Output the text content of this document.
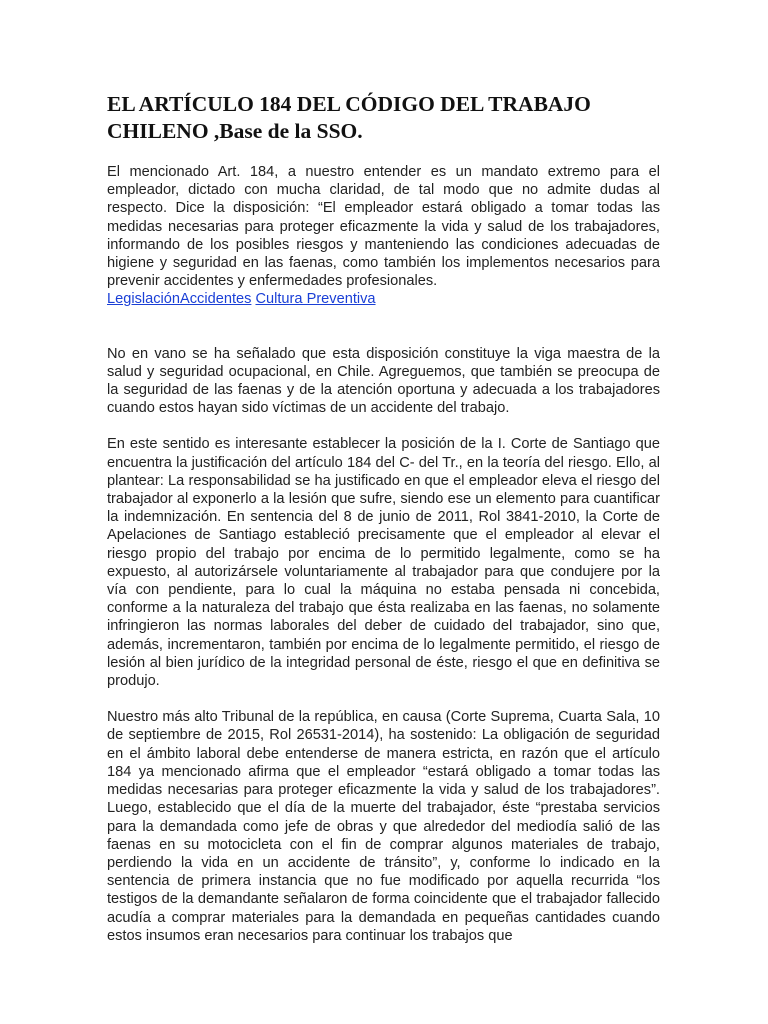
EL ARTÍCULO 184 DEL CÓDIGO DEL TRABAJO CHILENO ,Base de la SSO.

El mencionado Art. 184, a nuestro entender es un mandato extremo para el empleador, dictado con mucha claridad, de tal modo que no admite dudas al respecto. Dice la disposición: “El empleador estará obligado a tomar todas las medidas necesarias para proteger eficazmente la vida y salud de los trabajadores, informando de los posibles riesgos y manteniendo las condiciones adecuadas de higiene y seguridad en las faenas, como también los implementos necesarios para prevenir accidentes y enfermedades profesionales.

LegislaciónAccidentes Cultura Preventiva

No en vano se ha señalado que esta disposición constituye la viga maestra de la salud y seguridad ocupacional, en Chile. Agreguemos, que también se preocupa de la seguridad de las faenas y de la atención oportuna y adecuada a los trabajadores cuando estos hayan sido víctimas de un accidente del trabajo.

En este sentido es interesante establecer la posición de la I. Corte de Santiago que encuentra la justificación del artículo 184 del C- del Tr., en la teoría del riesgo. Ello, al plantear: La responsabilidad se ha justificado en que el empleador eleva el riesgo del trabajador al exponerlo a la lesión que sufre, siendo ese un elemento para cuantificar la indemnización. En sentencia del 8 de junio de 2011, Rol 3841-2010, la Corte de Apelaciones de Santiago estableció precisamente que el empleador al elevar el riesgo propio del trabajo por encima de lo permitido legalmente, como se ha expuesto, al autorizársele voluntariamente al trabajador para que condujere por la vía con pendiente, para lo cual la máquina no estaba pensada ni concebida, conforme a la naturaleza del trabajo que ésta realizaba en las faenas, no solamente infringieron las normas laborales del deber de cuidado del trabajador, sino que, además, incrementaron, también por encima de lo legalmente permitido, el riesgo de lesión al bien jurídico de la integridad personal de éste, riesgo el que en definitiva se produjo.

Nuestro más alto Tribunal de la república, en causa (Corte Suprema, Cuarta Sala, 10 de septiembre de 2015, Rol 26531-2014), ha sostenido: La obligación de seguridad en el ámbito laboral debe entenderse de manera estricta, en razón que el artículo 184 ya mencionado afirma que el empleador “estará obligado a tomar todas las medidas necesarias para proteger eficazmente la vida y salud de los trabajadores”. Luego, establecido que el día de la muerte del trabajador, éste “prestaba servicios para la demandada como jefe de obras y que alrededor del mediodía salió de las faenas en su motocicleta con el fin de comprar algunos materiales de trabajo, perdiendo la vida en un accidente de tránsito”, y, conforme lo indicado en la sentencia de primera instancia que no fue modificado por aquella recurrida “los testigos de la demandante señalaron de forma coincidente que el trabajador fallecido acudía a comprar materiales para la demandada en pequeñas cantidades cuando estos insumos eran necesarios para continuar los trabajos que
